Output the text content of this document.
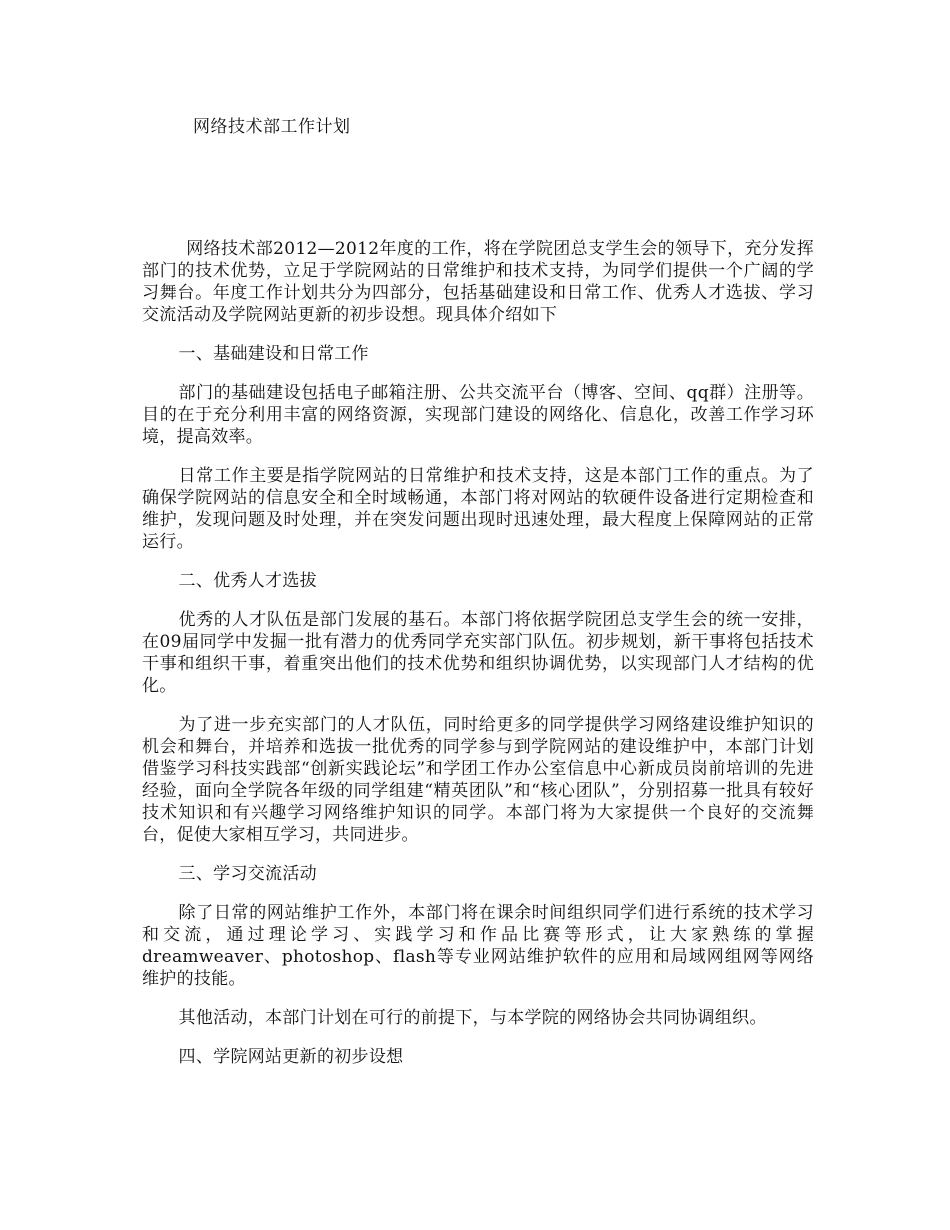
网络技术部工作计划

网络技术部2012—2012年度的工作，将在学院团总支学生会的领导下，充分发挥部门的技术优势，立足于学院网站的日常维护和技术支持，为同学们提供一个广阔的学习舞台。年度工作计划共分为四部分，包括基础建设和日常工作、优秀人才选拔、学习交流活动及学院网站更新的初步设想。现具体介绍如下

一、基础建设和日常工作

部门的基础建设包括电子邮箱注册、公共交流平台（博客、空间、qq群）注册等。目的在于充分利用丰富的网络资源，实现部门建设的网络化、信息化，改善工作学习环境，提高效率。

日常工作主要是指学院网站的日常维护和技术支持，这是本部门工作的重点。为了确保学院网站的信息安全和全时域畅通，本部门将对网站的软硬件设备进行定期检查和维护，发现问题及时处理，并在突发问题出现时迅速处理，最大程度上保障网站的正常运行。

二、优秀人才选拔

优秀的人才队伍是部门发展的基石。本部门将依据学院团总支学生会的统一安排，在09届同学中发掘一批有潜力的优秀同学充实部门队伍。初步规划，新干事将包括技术干事和组织干事，着重突出他们的技术优势和组织协调优势，以实现部门人才结构的优化。

为了进一步充实部门的人才队伍，同时给更多的同学提供学习网络建设维护知识的机会和舞台，并培养和选拔一批优秀的同学参与到学院网站的建设维护中，本部门计划借鉴学习科技实践部“创新实践论坛”和学团工作办公室信息中心新成员岗前培训的先进经验，面向全学院各年级的同学组建“精英团队”和“核心团队”，分别招募一批具有较好技术知识和有兴趣学习网络维护知识的同学。本部门将为大家提供一个良好的交流舞台，促使大家相互学习，共同进步。

三、学习交流活动

除了日常的网站维护工作外，本部门将在课余时间组织同学们进行系统的技术学习和交流，通过理论学习、实践学习和作品比赛等形式，让大家熟练的掌握dreamweaver、photoshop、flash等专业网站维护软件的应用和局域网组网等网络维护的技能。

其他活动，本部门计划在可行的前提下，与本学院的网络协会共同协调组织。

四、学院网站更新的初步设想
